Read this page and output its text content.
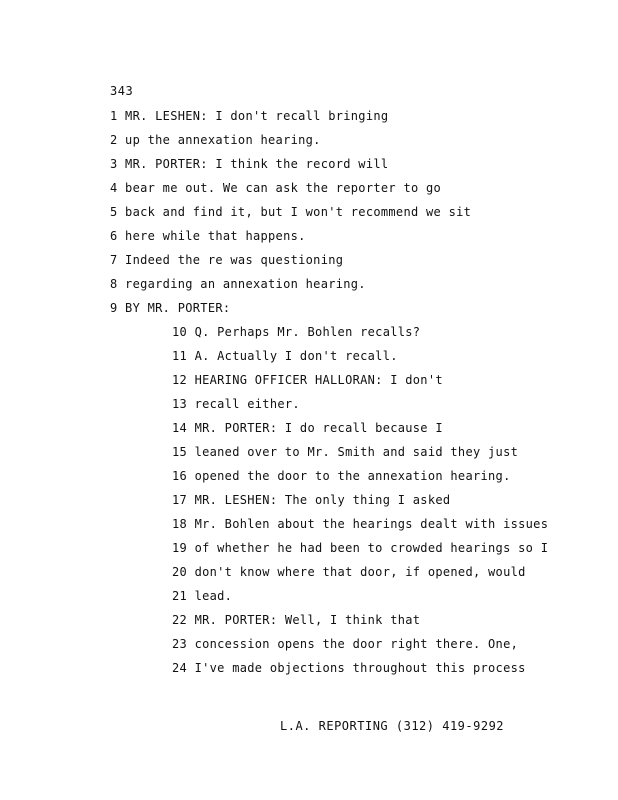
343
1 MR. LESHEN: I don't recall bringing
2 up the annexation hearing.
3 MR. PORTER: I think the record will
4 bear me out. We can ask the reporter to go
5 back and find it, but I won't recommend we sit
6 here while that happens.
7 Indeed the re was questioning
8 regarding an annexation hearing.
9 BY MR. PORTER:
10 Q. Perhaps Mr. Bohlen recalls?
11 A. Actually I don't recall.
12 HEARING OFFICER HALLORAN: I don't
13 recall either.
14 MR. PORTER: I do recall because I
15 leaned over to Mr. Smith and said they just
16 opened the door to the annexation hearing.
17 MR. LESHEN: The only thing I asked
18 Mr. Bohlen about the hearings dealt with issues
19 of whether he had been to crowded hearings so I
20 don't know where that door, if opened, would
21 lead.
22 MR. PORTER: Well, I think that
23 concession opens the door right there. One,
24 I've made objections throughout this process
L.A. REPORTING (312) 419-9292
